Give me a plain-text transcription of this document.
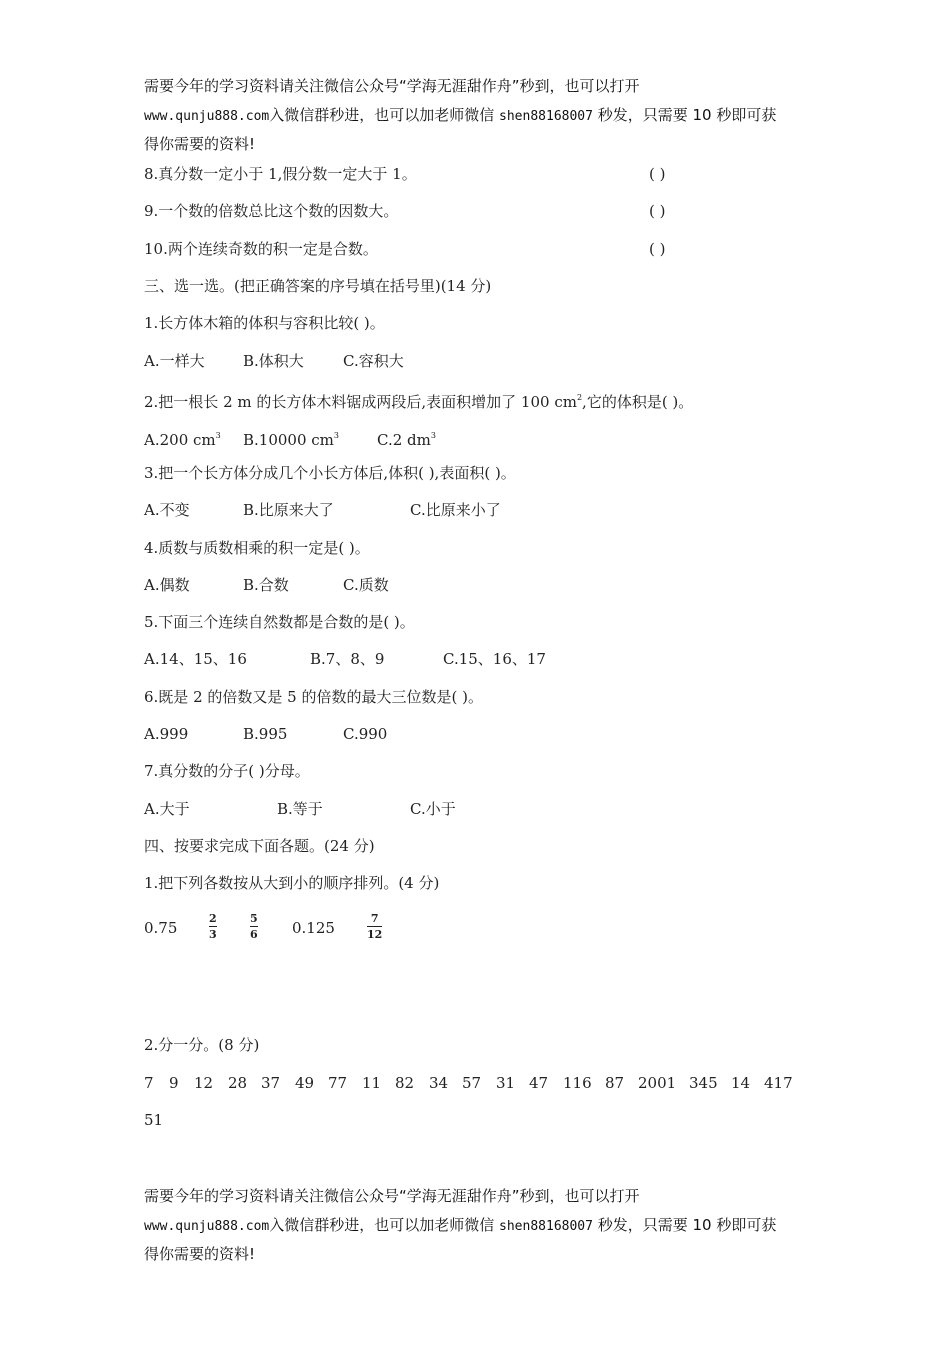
需要今年的学习资料请关注微信公众号“学海无涯甜作舟”秒到，也可以打开
www.qunju888.com入微信群秒进，也可以加老师微信 shen88168007 秒发，只需要 10 秒即可获
得你需要的资料!
8.真分数一定小于 1,假分数一定大于 1。	( )
9.一个数的倍数总比这个数的因数大。	( )
10.两个连续奇数的积一定是合数。	( )
三、选一选。(把正确答案的序号填在括号里)(14 分)
1.长方体木箱的体积与容积比较( )。
A.一样大	B.体积大	C.容积大
2.把一根长 2 m 的长方体木料锯成两段后,表面积增加了 100 $cm^2$,它的体积是( )。
A.200 $cm^3$ B.10000 $cm^3$	C.2 $dm^3$
3.把一个长方体分成几个小长方体后,体积( ),表面积( )。
A.不变	B.比原来大了	C.比原来小了
4.质数与质数相乘的积一定是( )。
A.偶数	B.合数	C.质数
5.下面三个连续自然数都是合数的是( )。
A.14、15、16	B.7、8、9	C.15、16、17
6.既是 2 的倍数又是 5 的倍数的最大三位数是( )。
A.999	B.995	C.990
7.真分数的分子( )分母。
A.大于	B.等于	C.小于
四、按要求完成下面各题。(24 分)
1.把下列各数按从大到小的顺序排列。(4 分)
0.75
2
3
5
6 0.125
7
12
2.分一分。(8 分)
7 9 12 28 37 49 77 11 82 34 57 31 47 116 87 2001 345 14 417
51
需要今年的学习资料请关注微信公众号“学海无涯甜作舟”秒到，也可以打开
www.qunju888.com入微信群秒进，也可以加老师微信 shen88168007 秒发，只需要 10 秒即可获
得你需要的资料!
